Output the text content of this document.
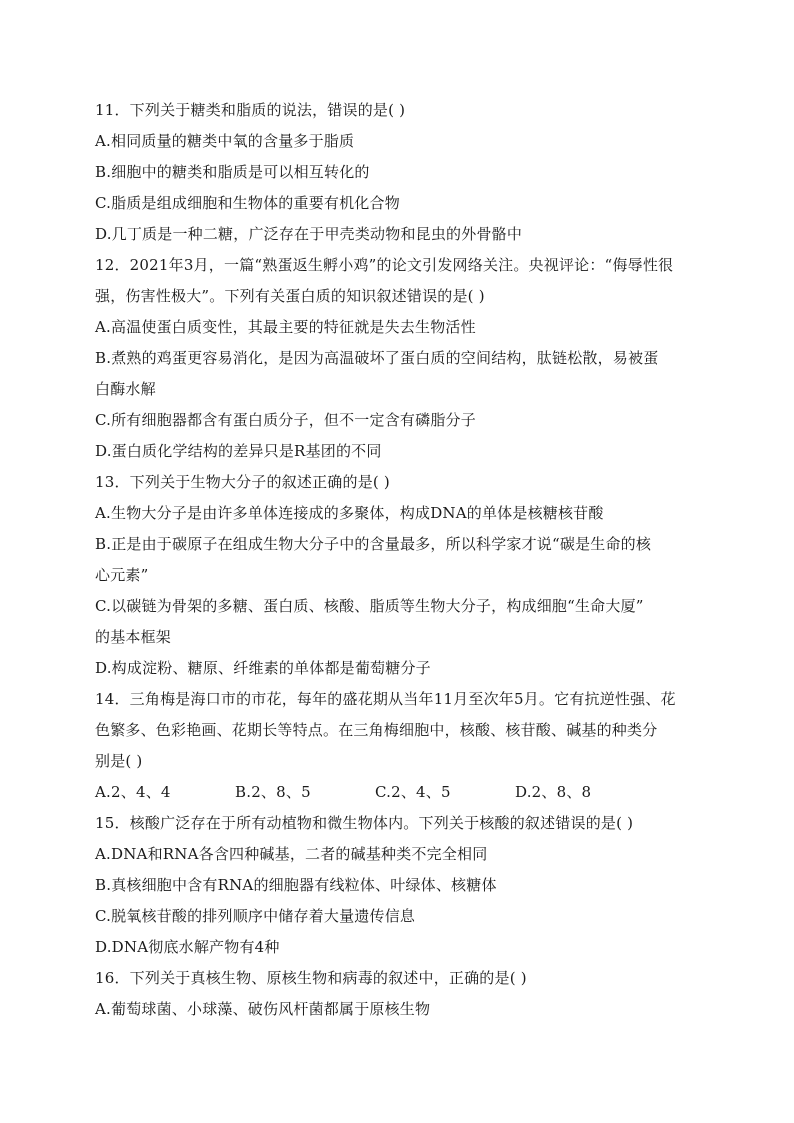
11．下列关于糖类和脂质的说法，错误的是( )
A.相同质量的糖类中氧的含量多于脂质
B.细胞中的糖类和脂质是可以相互转化的
C.脂质是组成细胞和生物体的重要有机化合物
D.几丁质是一种二糖，广泛存在于甲壳类动物和昆虫的外骨骼中
12．2021年3月，一篇“熟蛋返生孵小鸡”的论文引发网络关注。央视评论：“侮辱性很
强，伤害性极大”。下列有关蛋白质的知识叙述错误的是( )
A.高温使蛋白质变性，其最主要的特征就是失去生物活性
B.煮熟的鸡蛋更容易消化，是因为高温破坏了蛋白质的空间结构，肽链松散，易被蛋
白酶水解
C.所有细胞器都含有蛋白质分子，但不一定含有磷脂分子
D.蛋白质化学结构的差异只是R基团的不同
13．下列关于生物大分子的叙述正确的是( )
A.生物大分子是由许多单体连接成的多聚体，构成DNA的单体是核糖核苷酸
B.正是由于碳原子在组成生物大分子中的含量最多，所以科学家才说“碳是生命的核
心元素”
C.以碳链为骨架的多糖、蛋白质、核酸、脂质等生物大分子，构成细胞“生命大厦”
的基本框架
D.构成淀粉、糖原、纤维素的单体都是葡萄糖分子
14．三角梅是海口市的市花，每年的盛花期从当年11月至次年5月。它有抗逆性强、花
色繁多、色彩艳画、花期长等特点。在三角梅细胞中，核酸、核苷酸、碱基的种类分
别是( )
A.2、4、4	B.2、8、5	C.2、4、5	D.2、8、8
15．核酸广泛存在于所有动植物和微生物体内。下列关于核酸的叙述错误的是( )
A.DNA和RNA各含四种碱基，二者的碱基种类不完全相同
B.真核细胞中含有RNA的细胞器有线粒体、叶绿体、核糖体
C.脱氧核苷酸的排列顺序中储存着大量遗传信息
D.DNA彻底水解产物有4种
16．下列关于真核生物、原核生物和病毒的叙述中，正确的是( )
A.葡萄球菌、小球藻、破伤风杆菌都属于原核生物
